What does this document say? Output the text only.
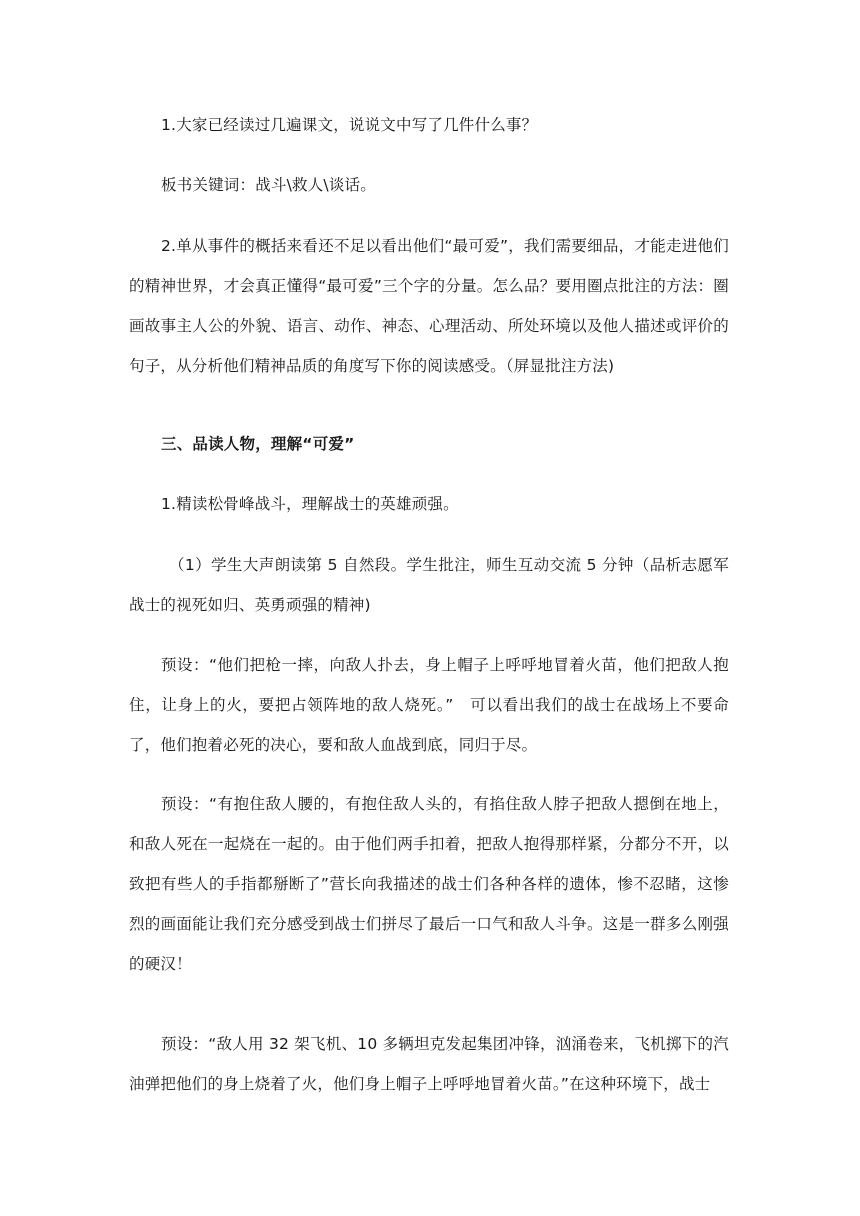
1.大家已经读过几遍课文，说说文中写了几件什么事？

板书关键词：战斗\救人\谈话。

2.单从事件的概括来看还不足以看出他们“最可爱”，我们需要细品，才能走进他们的精神世界，才会真正懂得“最可爱”三个字的分量。怎么品？要用圈点批注的方法：圈画故事主人公的外貌、语言、动作、神态、心理活动、所处环境以及他人描述或评价的句子，从分析他们精神品质的角度写下你的阅读感受。（屏显批注方法)

三、品读人物，理解“可爱”

1.精读松骨峰战斗，理解战士的英雄顽强。

（1）学生大声朗读第 5 自然段。学生批注，师生互动交流 5 分钟（品析志愿军战士的视死如归、英勇顽强的精神)

预设：“他们把枪一摔，向敌人扑去，身上帽子上呼呼地冒着火苗，他们把敌人抱住，让身上的火，要把占领阵地的敌人烧死。”　可以看出我们的战士在战场上不要命了，他们抱着必死的决心，要和敌人血战到底，同归于尽。

预设：“有抱住敌人腰的，有抱住敌人头的，有掐住敌人脖子把敌人摁倒在地上，和敌人死在一起烧在一起的。由于他们两手扣着，把敌人抱得那样紧，分都分不开，以致把有些人的手指都掰断了”营长向我描述的战士们各种各样的遗体，惨不忍睹，这惨烈的画面能让我们充分感受到战士们拼尽了最后一口气和敌人斗争。这是一群多么刚强的硬汉！

预设：“敌人用 32 架飞机、10 多辆坦克发起集团冲锋，汹涌卷来，飞机掷下的汽油弹把他们的身上烧着了火，他们身上帽子上呼呼地冒着火苗。”在这种环境下，战士
